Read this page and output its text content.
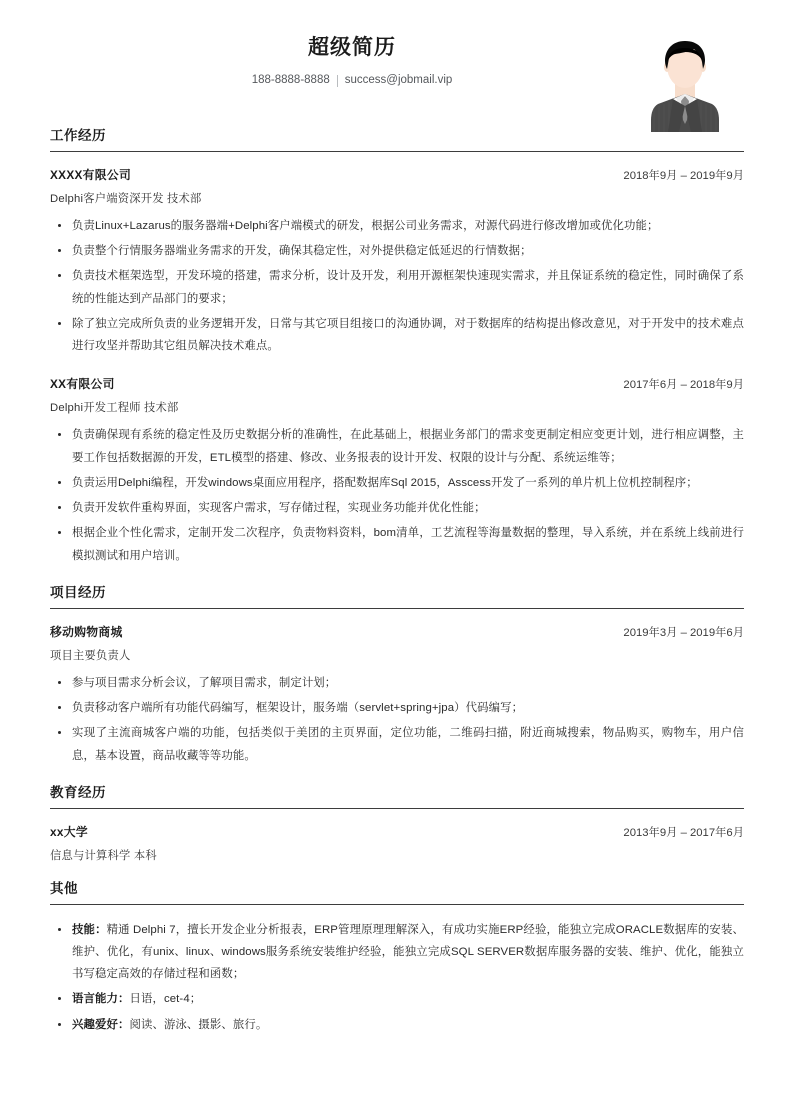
超级简历
188-8888-8888 success@jobmail.vip
工作经历
XXXX有限公司	2018年9月 – 2019年9月
Delphi客户端资深开发 技术部
负责Linux+Lazarus的服务器端+Delphi客户端模式的研发，根据公司业务需求，对源代码进行修改增加或优化功能；
负责整个行情服务器端业务需求的开发，确保其稳定性，对外提供稳定低延迟的行情数据；
负责技术框架选型，开发环境的搭建，需求分析，设计及开发，利用开源框架快速现实需求，并且保证系统的稳定性，同时确保了系统的性能达到产品部门的要求；
除了独立完成所负责的业务逻辑开发，日常与其它项目组接口的沟通协调，对于数据库的结构提出修改意见，对于开发中的技术难点进行攻坚并帮助其它组员解决技术难点。
XX有限公司	2017年6月 – 2018年9月
Delphi开发工程师 技术部
负责确保现有系统的稳定性及历史数据分析的准确性，在此基础上，根据业务部门的需求变更制定相应变更计划，进行相应调整，主要工作包括数据源的开发，ETL模型的搭建、修改、业务报表的设计开发、权限的设计与分配、系统运维等；
负责运用Delphi编程，开发windows桌面应用程序，搭配数据库Sql 2015，Asscess开发了一系列的单片机上位机控制程序；
负责开发软件重构界面，实现客户需求，写存储过程，实现业务功能并优化性能；
根据企业个性化需求，定制开发二次程序，负责物料资料，bom清单，工艺流程等海量数据的整理，导入系统，并在系统上线前进行模拟测试和用户培训。
项目经历
移动购物商城	2019年3月 – 2019年6月
项目主要负责人
参与项目需求分析会议，了解项目需求，制定计划；
负责移动客户端所有功能代码编写，框架设计，服务端（servlet+spring+jpa）代码编写；
实现了主流商城客户端的功能，包括类似于美团的主页界面，定位功能，二维码扫描，附近商城搜索，物品购买，购物车，用户信息，基本设置，商品收藏等等功能。
教育经历
xx大学	2013年9月 – 2017年6月
信息与计算科学 本科
其他
技能：精通 Delphi 7，擅长开发企业分析报表，ERP管理原理理解深入，有成功实施ERP经验，能独立完成ORACLE数据库的安装、维护、优化，有unix、linux、windows服务系统安装维护经验，能独立完成SQL SERVER数据库服务器的安装、维护、优化，能独立书写稳定高效的存储过程和函数；
语言能力：日语，cet-4；
兴趣爱好：阅读、游泳、摄影、旅行。
